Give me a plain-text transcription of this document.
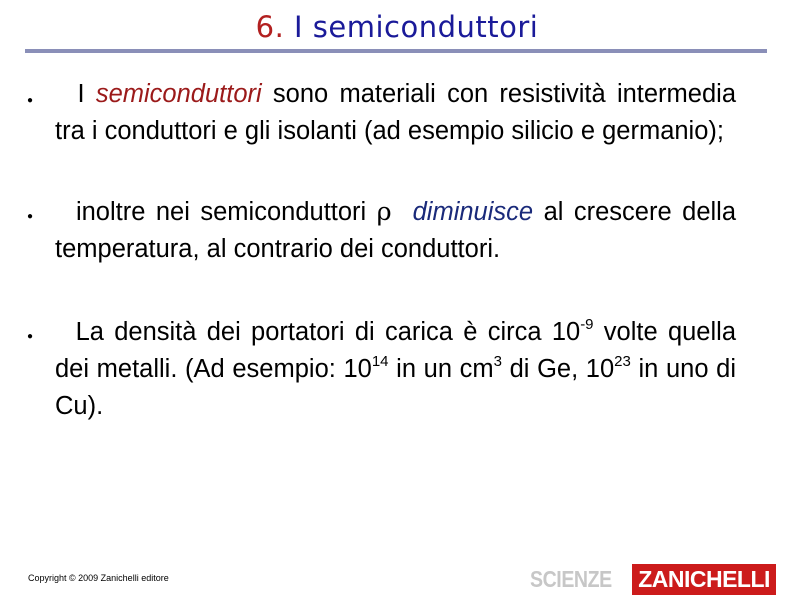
6. I semiconduttori
●	I semiconduttori sono materiali con resistività intermedia tra i conduttori e gli isolanti (ad esempio silicio e germanio);
●	inoltre nei semiconduttori ρ diminuisce al crescere della temperatura, al contrario dei conduttori.
●	La densità dei portatori di carica è circa $10^{-9}$ volte quella dei metalli. (Ad esempio: $10^{14}$ in un $cm^3$ di Ge, $10^{23}$ in uno di Cu).
Copyright © 2009 Zanichelli editore	SCIENZE ZANICHELLI
